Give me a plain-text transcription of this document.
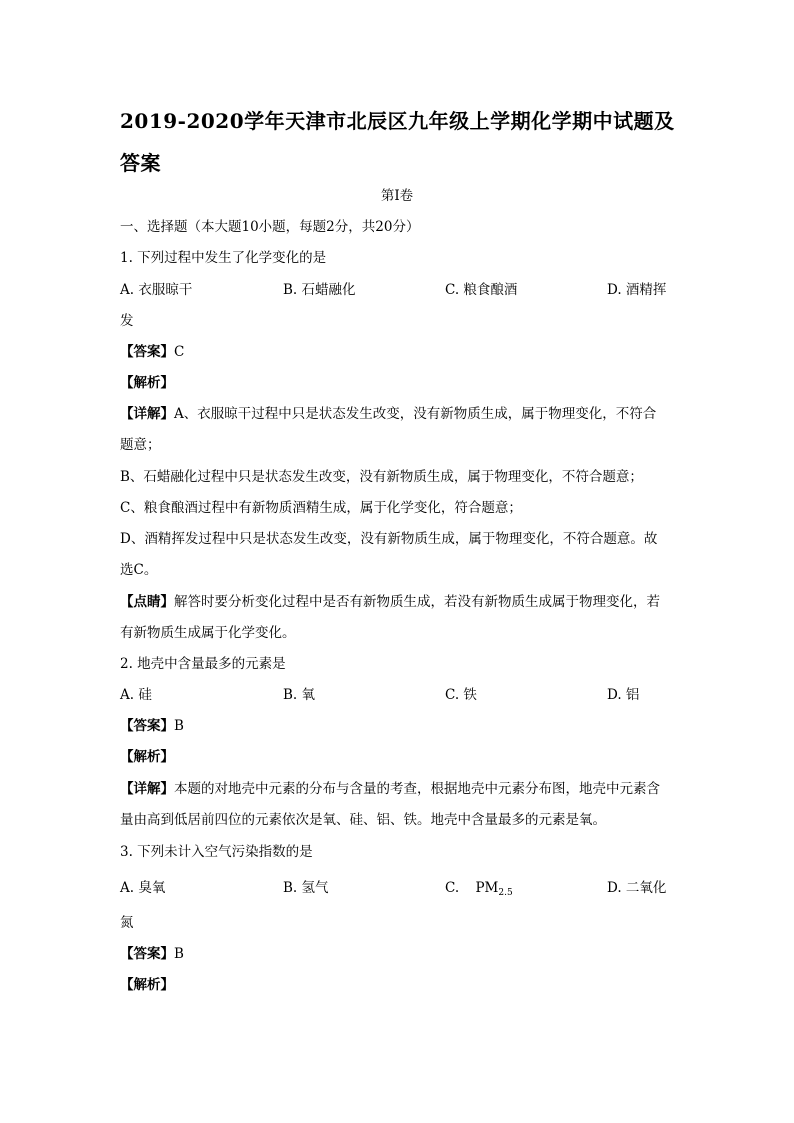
2019-2020学年天津市北辰区九年级上学期化学期中试题及答案
第Ⅰ卷
一、选择题（本大题10小题，每题2分，共20分）
1. 下列过程中发生了化学变化的是
A. 衣服晾干	B. 石蜡融化	C. 粮食酿酒	D. 酒精挥
发
【答案】C
【解析】
【详解】A、衣服晾干过程中只是状态发生改变，没有新物质生成，属于物理变化，不符合
题意；
B、石蜡融化过程中只是状态发生改变，没有新物质生成，属于物理变化，不符合题意；
C、粮食酿酒过程中有新物质酒精生成，属于化学变化，符合题意；
D、酒精挥发过程中只是状态发生改变，没有新物质生成，属于物理变化，不符合题意。故
选C。
【点睛】解答时要分析变化过程中是否有新物质生成，若没有新物质生成属于物理变化，若
有新物质生成属于化学变化。
2. 地壳中含量最多的元素是
A. 硅	B. 氧	C. 铁	D. 铝
【答案】B
【解析】
【详解】本题的对地壳中元素的分布与含量的考查，根据地壳中元素分布图，地壳中元素含
量由高到低居前四位的元素依次是氧、硅、铝、铁。地壳中含量最多的元素是氧。
3. 下列未计入空气污染指数的是
A. 臭氧	B. 氢气	C. $PM_{2.5}$	D. 二氧化
氮
【答案】B
【解析】
